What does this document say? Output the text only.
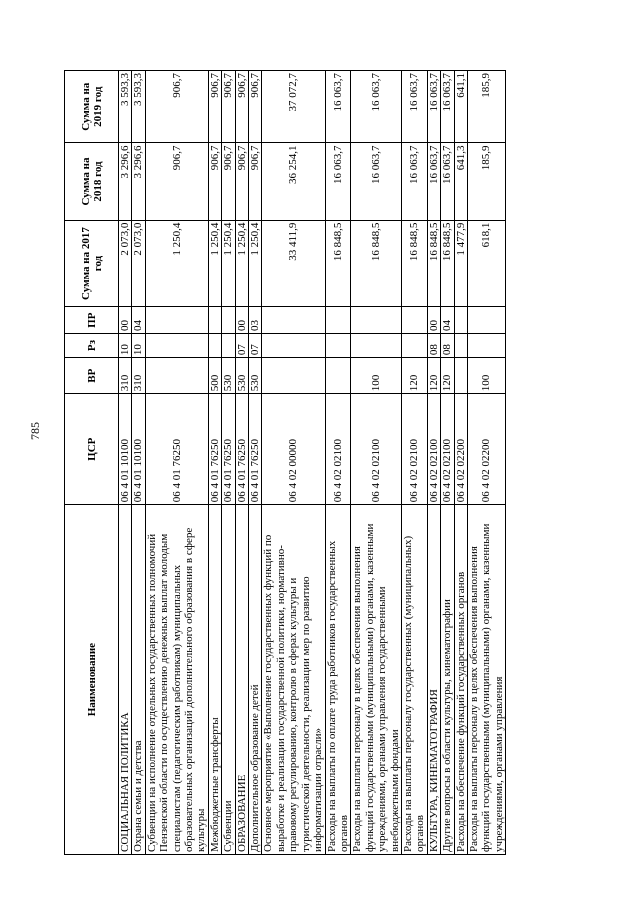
785
Наименование	ЦСР	ВР	Рз	ПР	Сумма на 2017 год	Сумма на 2018 год	Сумма на 2019 год
СОЦИАЛЬНАЯ ПОЛИТИКА	06 4 01 10100	310	10	00	2 073,0	3 296,6	3 593,3
Охрана семьи и детства	06 4 01 10100	310	10	04	2 073,0	3 296,6	3 593,3
Субвенции на исполнение отдельных государственных полномочий Пензенской области по осуществлению денежных выплат молодым специалистам (педагогическим работникам) муниципальных образовательных организаций дополнительного образования в сфере культуры	06 4 01 76250				1 250,4	906,7	906,7
Межбюджетные трансферты	06 4 01 76250	500			1 250,4	906,7	906,7
Субвенции	06 4 01 76250	530			1 250,4	906,7	906,7
ОБРАЗОВАНИЕ	06 4 01 76250	530	07	00	1 250,4	906,7	906,7
Дополнительное образование детей	06 4 01 76250	530	07	03	1 250,4	906,7	906,7
Основное мероприятие «Выполнение государственных функций по выработке и реализации государственной политики, нормативно-правовому регулированию, контролю в сферах культуры и туристической деятельности, реализации мер по развитию информатизации отрасли»	06 4 02 00000				33 411,9	36 254,1	37 072,7
Расходы на выплаты по оплате труда работников государственных органов	06 4 02 02100				16 848,5	16 063,7	16 063,7
Расходы на выплаты персоналу в целях обеспечения выполнения функций государственными (муниципальными) органами, казенными учреждениями, органами управления государственными внебюджетными фондами	06 4 02 02100	100			16 848,5	16 063,7	16 063,7
Расходы на выплаты персоналу государственных (муниципальных) органов	06 4 02 02100	120			16 848,5	16 063,7	16 063,7
КУЛЬТУРА, КИНЕМАТОГРАФИЯ	06 4 02 02100	120	08	00	16 848,5	16 063,7	16 063,7
Другие вопросы в области культуры, кинематографии	06 4 02 02100	120	08	04	16 848,5	16 063,7	16 063,7
Расходы на обеспечение функций государственных органов	06 4 02 02200				1 477,9	641,3	641,1
Расходы на выплаты персоналу в целях обеспечения выполнения функций государственными (муниципальными) органами, казенными учреждениями, органами управления	06 4 02 02200	100			618,1	185,9	185,9
